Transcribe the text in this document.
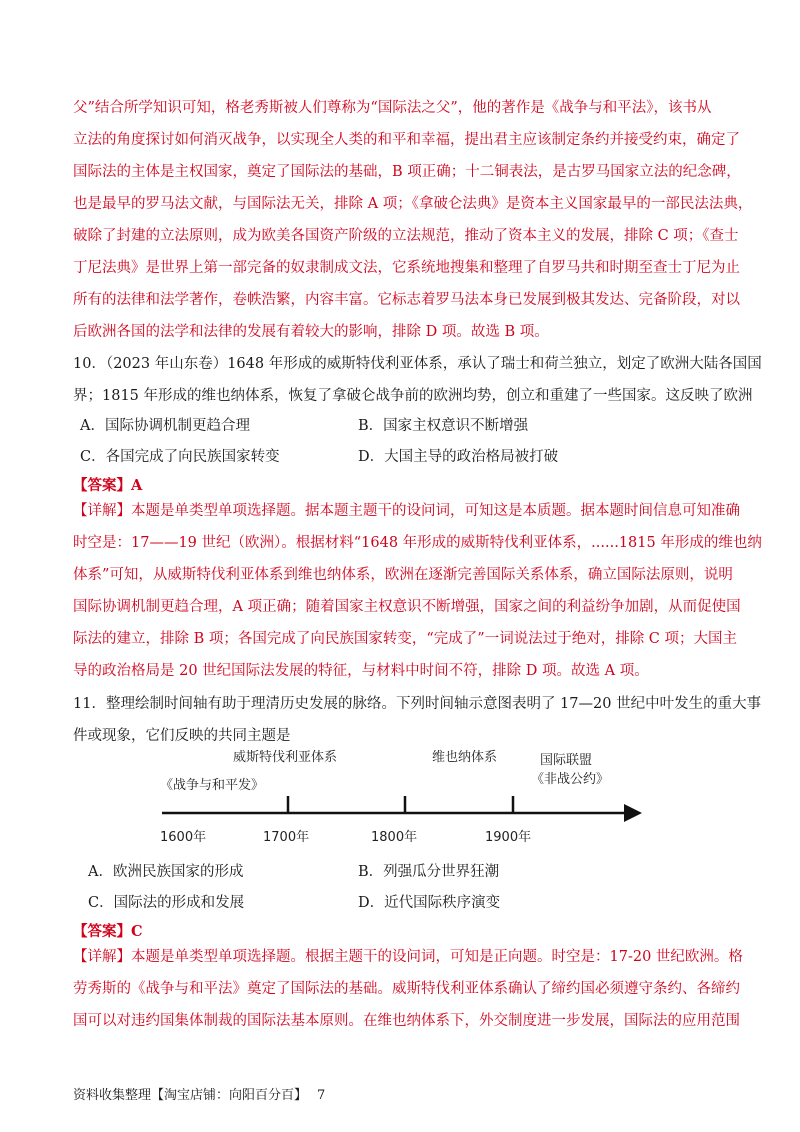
父”结合所学知识可知，格老秀斯被人们尊称为“国际法之父”，他的著作是《战争与和平法》，该书从

立法的角度探讨如何消灭战争，以实现全人类的和平和幸福，提出君主应该制定条约并接受约束，确定了

国际法的主体是主权国家，奠定了国际法的基础，B 项正确；十二铜表法，是古罗马国家立法的纪念碑，

也是最早的罗马法文献，与国际法无关，排除 A 项；《拿破仑法典》是资本主义国家最早的一部民法法典，

破除了封建的立法原则，成为欧美各国资产阶级的立法规范，推动了资本主义的发展，排除 C 项；《查士

丁尼法典》是世界上第一部完备的奴隶制成文法，它系统地搜集和整理了自罗马共和时期至查士丁尼为止

所有的法律和法学著作，卷帙浩繁，内容丰富。它标志着罗马法本身已发展到极其发达、完备阶段，对以

后欧洲各国的法学和法律的发展有着较大的影响，排除 D 项。故选 B 项。

10．（2023 年山东卷）1648 年形成的威斯特伐利亚体系，承认了瑞士和荷兰独立，划定了欧洲大陆各国国

界；1815 年形成的维也纳体系，恢复了拿破仑战争前的欧洲均势，创立和重建了一些国家。这反映了欧洲

A．国际协调机制更趋合理	B．国家主权意识不断增强
C．各国完成了向民族国家转变	D．大国主导的政治格局被打破
【答案】A

【详解】本题是单类型单项选择题。据本题主题干的设问词，可知这是本质题。据本题时间信息可知准确

时空是：17——19 世纪（欧洲）。根据材料“1648 年形成的威斯特伐利亚体系，......1815 年形成的维也纳

体系”可知，从威斯特伐利亚体系到维也纳体系，欧洲在逐渐完善国际关系体系，确立国际法原则，说明

国际协调机制更趋合理，A 项正确；随着国家主权意识不断增强，国家之间的利益纷争加剧，从而促使国

际法的建立，排除 B 项；各国完成了向民族国家转变，“完成了”一词说法过于绝对，排除 C 项；大国主

导的政治格局是 20 世纪国际法发展的特征，与材料中时间不符，排除 D 项。故选 A 项。

11．整理绘制时间轴有助于理清历史发展的脉络。下列时间轴示意图表明了 17—20 世纪中叶发生的重大事

件或现象，它们反映的共同主题是

威斯特伐利亚体系
《战争与和平发》
维也纳体系	国际联盟
《非战公约》
1600年	1700年	1800年	1900年
A．欧洲民族国家的形成	B．列强瓜分世界狂潮
C．国际法的形成和发展	D．近代国际秩序演变
【答案】C

【详解】本题是单类型单项选择题。根据主题干的设问词，可知是正向题。时空是：17-20 世纪欧洲。格

劳秀斯的《战争与和平法》奠定了国际法的基础。威斯特伐利亚体系确认了缔约国必须遵守条约、各缔约

国可以对违约国集体制裁的国际法基本原则。在维也纳体系下，外交制度进一步发展，国际法的应用范围

资料收集整理【淘宝店铺：向阳百分百】 7
